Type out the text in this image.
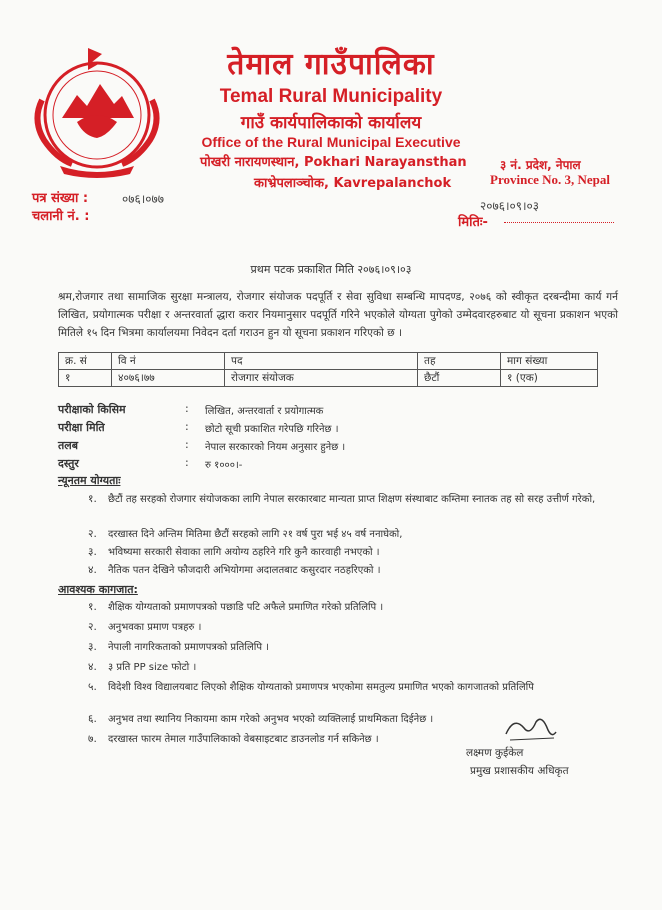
तेमाल गाउँपालिका
Temal Rural Municipality
गाउँ कार्यपालिकाको कार्यालय
Office of the Rural Municipal Executive
पोखरी नारायणस्थान, Pokhari Narayansthan
काभ्रेपलाञ्चोक, Kavrepalanchok
३ नं. प्रदेश, नेपाल
Province No. 3, Nepal
पत्र संख्या :	०७६।०७७
चलानी नं. :
२०७६।०९।०३
मितिः-
प्रथम पटक प्रकाशित मिति २०७६।०९।०३
श्रम,रोजगार तथा सामाजिक सुरक्षा मन्त्रालय, रोजगार संयोजक पदपूर्ति र सेवा सुविधा सम्बन्धि मापदण्ड, २०७६ को स्वीकृत दरबन्दीमा कार्य गर्न लिखित, प्रयोगात्मक परीक्षा र अन्तरवार्ता द्धारा करार नियमानुसार पदपूर्ति गरिने भएकोले योग्यता पुगेको उम्मेदवारहरुबाट यो सूचना प्रकाशन भएको मितिले १५ दिन भित्रमा कार्यालयमा निवेदन दर्ता गराउन हुन यो सूचना प्रकाशन गरिएको छ ।
क्र. सं	वि नं	पद	तह	माग संख्या
१	४०७६।७७	रोजगार संयोजक	छैटौं	१ (एक)
परीक्षाको किसिम	: लिखित, अन्तरवार्ता र प्रयोगात्मक
परीक्षा मिति	: छोटो सूची प्रकाशित गरेपछि गरिनेछ ।
तलब	: नेपाल सरकारको नियम अनुसार हुनेछ ।
दस्तुर	: रु १०००।-
न्यूनतम योग्यताः
१. छैटौं तह सरहको रोजगार संयोजकका लागि नेपाल सरकारबाट मान्यता प्राप्त शिक्षण संस्थाबाट कम्तिमा स्नातक तह सो सरह उत्तीर्ण गरेको,
२. दरखास्त दिने अन्तिम मितिमा छैटौं सरहको लागि २१ वर्ष पुरा भई ४५ वर्ष ननाघेको,
३. भविष्यमा सरकारी सेवाका लागि अयोग्य ठहरिने गरि कुनै कारवाही नभएको ।
४. नैतिक पतन देखिने फौजदारी अभियोगमा अदालतबाट कसुरदार नठहरिएको ।
आवश्यक कागजात:
१. शैक्षिक योग्यताको प्रमाणपत्रको पछाडि पटि अफैले प्रमाणित गरेको प्रतिलिपि ।
२. अनुभवका प्रमाण पत्रहरु ।
३. नेपाली नागरिकताको प्रमाणपत्रको प्रतिलिपि ।
४. ३ प्रति PP size फोटो ।
५. विदेशी विश्व विद्यालयबाट लिएको शैक्षिक योग्यताको प्रमाणपत्र भएकोमा समतुल्य प्रमाणित भएको कागजातको प्रतिलिपि
६. अनुभव तथा स्थानिय निकायमा काम गरेको अनुभव भएको व्यक्तिलाई प्राथमिकता दिईनेछ ।
७. दरखास्त फारम तेमाल गाउँपालिकाको वेबसाइटबाट डाउनलोड गर्न सकिनेछ ।
लक्ष्मण कुईकेल
प्रमुख प्रशासकीय अधिकृत
